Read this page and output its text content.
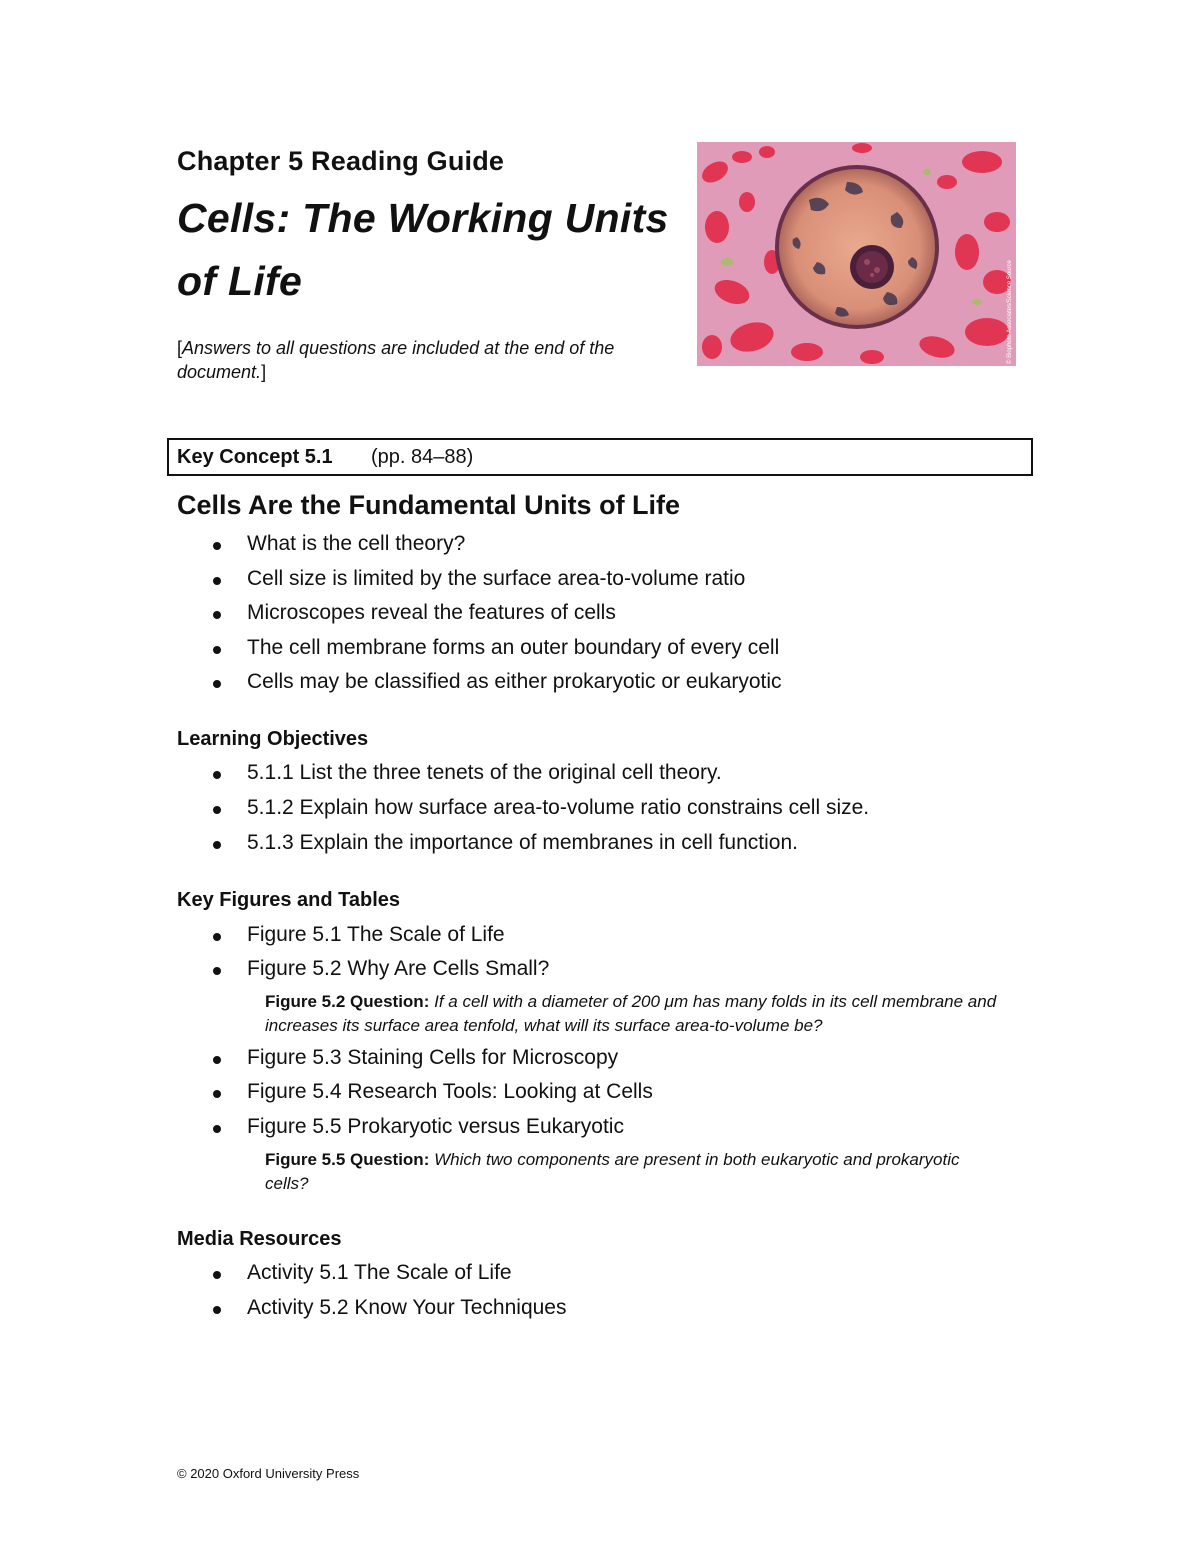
Chapter 5 Reading Guide
Cells: The Working Units
of Life
[Answers to all questions are included at the end of the document.]
© Biophoto Associates/Science Source
Key Concept 5.1 (pp. 84–88)
Cells Are the Fundamental Units of Life
What is the cell theory?
Cell size is limited by the surface area-to-volume ratio
Microscopes reveal the features of cells
The cell membrane forms an outer boundary of every cell
Cells may be classified as either prokaryotic or eukaryotic
Learning Objectives
5.1.1 List the three tenets of the original cell theory.
5.1.2 Explain how surface area-to-volume ratio constrains cell size.
5.1.3 Explain the importance of membranes in cell function.
Key Figures and Tables
Figure 5.1 The Scale of Life
Figure 5.2 Why Are Cells Small?
Figure 5.3 Staining Cells for Microscopy
Figure 5.4 Research Tools: Looking at Cells
Figure 5.5 Prokaryotic versus Eukaryotic
Figure 5.2 Question: If a cell with a diameter of 200 μm has many folds in its cell membrane and increases its surface area tenfold, what will its surface area-to-volume be?
Figure 5.5 Question: Which two components are present in both eukaryotic and prokaryotic cells?
Media Resources
Activity 5.1 The Scale of Life
Activity 5.2 Know Your Techniques
© 2020 Oxford University Press
